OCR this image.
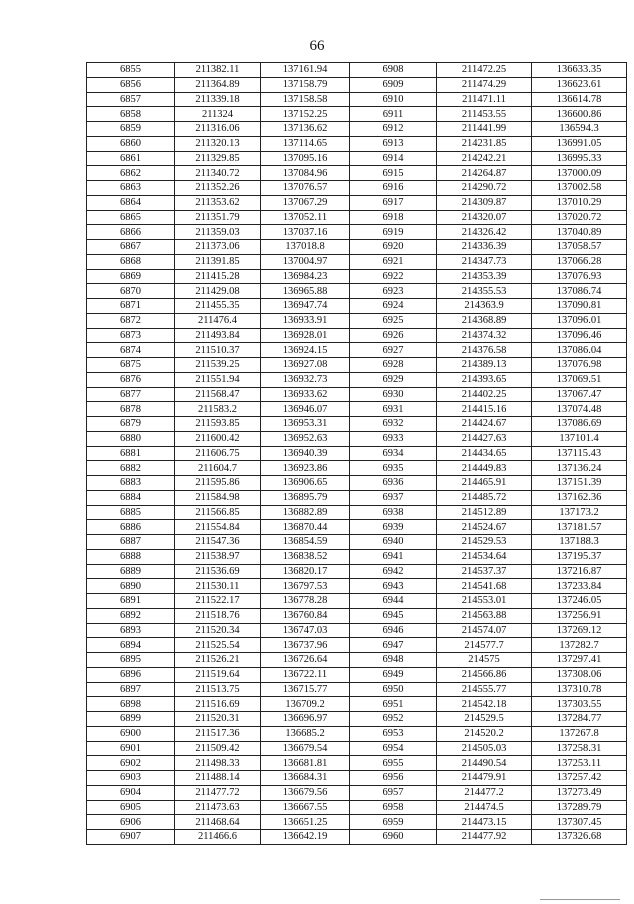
66
6855	211382.11	137161.94	6908	211472.25	136633.35
6856	211364.89	137158.79	6909	211474.29	136623.61
6857	211339.18	137158.58	6910	211471.11	136614.78
6858	211324	137152.25	6911	211453.55	136600.86
6859	211316.06	137136.62	6912	211441.99	136594.3
6860	211320.13	137114.65	6913	214231.85	136991.05
6861	211329.85	137095.16	6914	214242.21	136995.33
6862	211340.72	137084.96	6915	214264.87	137000.09
6863	211352.26	137076.57	6916	214290.72	137002.58
6864	211353.62	137067.29	6917	214309.87	137010.29
6865	211351.79	137052.11	6918	214320.07	137020.72
6866	211359.03	137037.16	6919	214326.42	137040.89
6867	211373.06	137018.8	6920	214336.39	137058.57
6868	211391.85	137004.97	6921	214347.73	137066.28
6869	211415.28	136984.23	6922	214353.39	137076.93
6870	211429.08	136965.88	6923	214355.53	137086.74
6871	211455.35	136947.74	6924	214363.9	137090.81
6872	211476.4	136933.91	6925	214368.89	137096.01
6873	211493.84	136928.01	6926	214374.32	137096.46
6874	211510.37	136924.15	6927	214376.58	137086.04
6875	211539.25	136927.08	6928	214389.13	137076.98
6876	211551.94	136932.73	6929	214393.65	137069.51
6877	211568.47	136933.62	6930	214402.25	137067.47
6878	211583.2	136946.07	6931	214415.16	137074.48
6879	211593.85	136953.31	6932	214424.67	137086.69
6880	211600.42	136952.63	6933	214427.63	137101.4
6881	211606.75	136940.39	6934	214434.65	137115.43
6882	211604.7	136923.86	6935	214449.83	137136.24
6883	211595.86	136906.65	6936	214465.91	137151.39
6884	211584.98	136895.79	6937	214485.72	137162.36
6885	211566.85	136882.89	6938	214512.89	137173.2
6886	211554.84	136870.44	6939	214524.67	137181.57
6887	211547.36	136854.59	6940	214529.53	137188.3
6888	211538.97	136838.52	6941	214534.64	137195.37
6889	211536.69	136820.17	6942	214537.37	137216.87
6890	211530.11	136797.53	6943	214541.68	137233.84
6891	211522.17	136778.28	6944	214553.01	137246.05
6892	211518.76	136760.84	6945	214563.88	137256.91
6893	211520.34	136747.03	6946	214574.07	137269.12
6894	211525.54	136737.96	6947	214577.7	137282.7
6895	211526.21	136726.64	6948	214575	137297.41
6896	211519.64	136722.11	6949	214566.86	137308.06
6897	211513.75	136715.77	6950	214555.77	137310.78
6898	211516.69	136709.2	6951	214542.18	137303.55
6899	211520.31	136696.97	6952	214529.5	137284.77
6900	211517.36	136685.2	6953	214520.2	137267.8
6901	211509.42	136679.54	6954	214505.03	137258.31
6902	211498.33	136681.81	6955	214490.54	137253.11
6903	211488.14	136684.31	6956	214479.91	137257.42
6904	211477.72	136679.56	6957	214477.2	137273.49
6905	211473.63	136667.55	6958	214474.5	137289.79
6906	211468.64	136651.25	6959	214473.15	137307.45
6907	211466.6	136642.19	6960	214477.92	137326.68
